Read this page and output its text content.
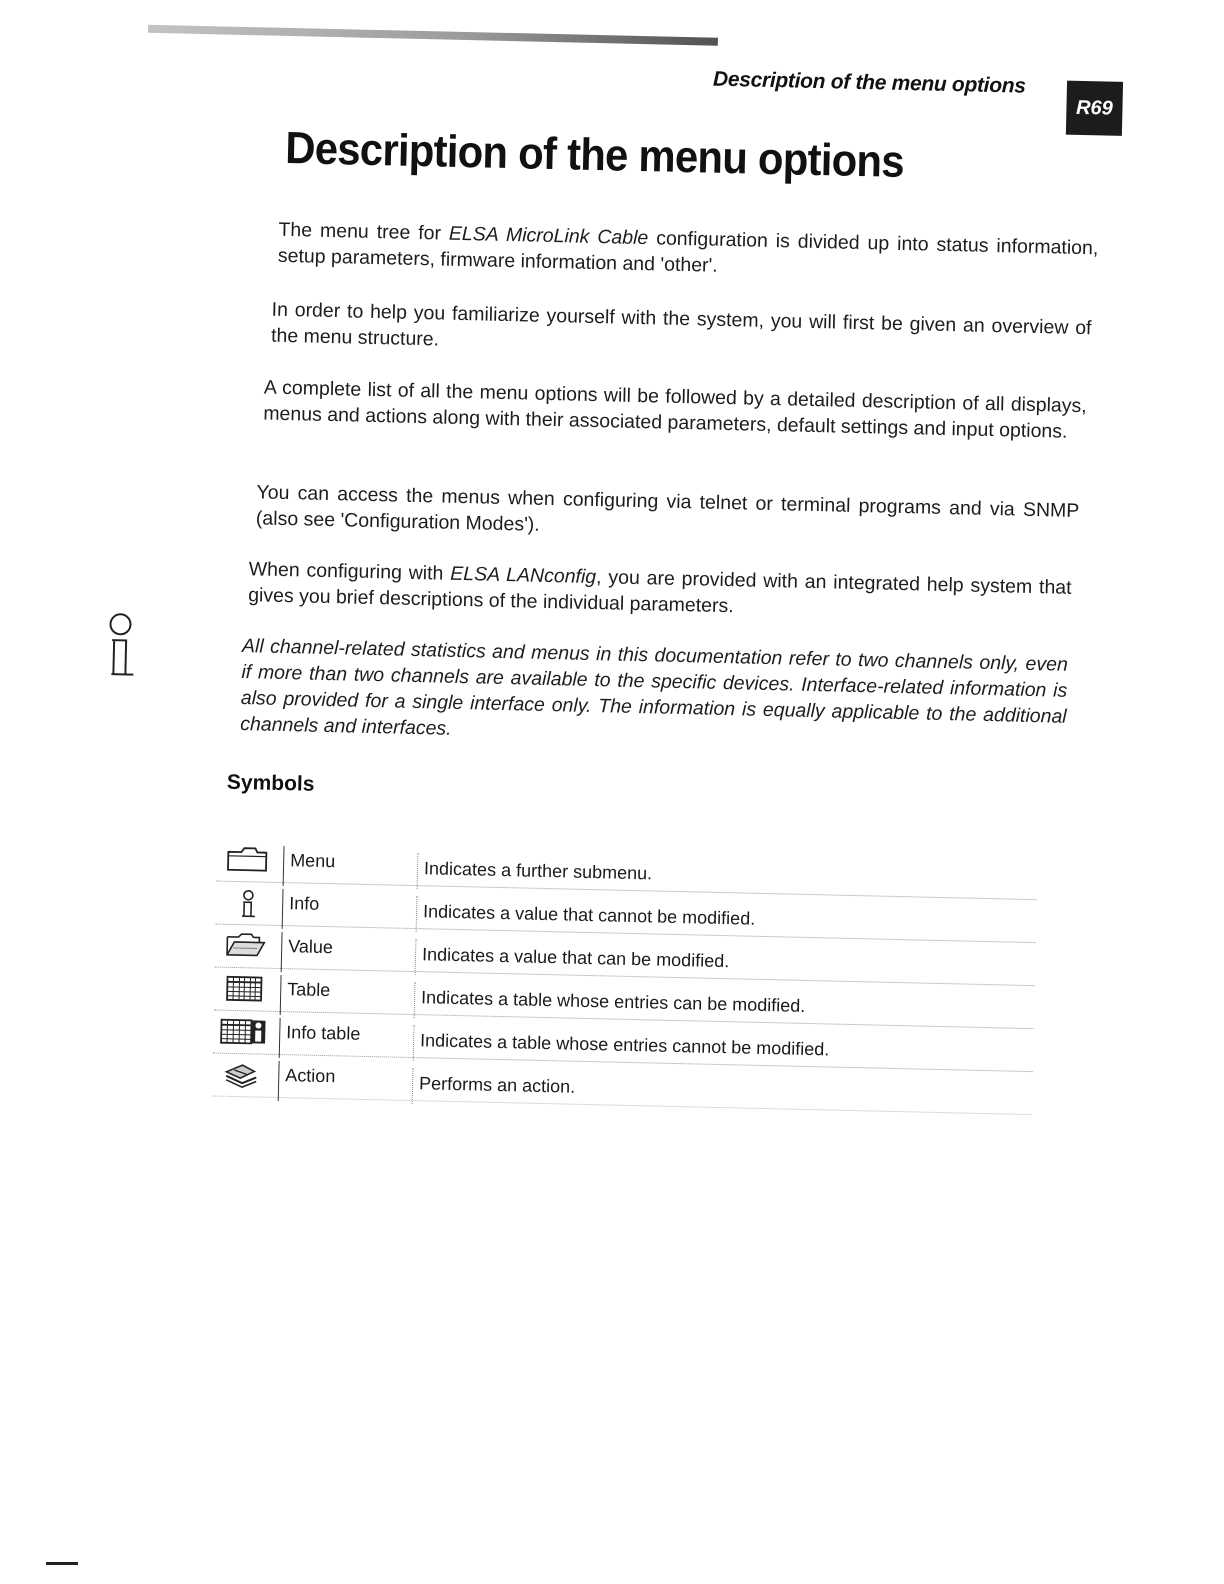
Description of the menu options
R69
Description of the menu options

The menu tree for ELSA MicroLink Cable configuration is divided up into status information, setup parameters, firmware information and 'other'.

In order to help you familiarize yourself with the system, you will first be given an overview of the menu structure.

A complete list of all the menu options will be followed by a detailed description of all displays, menus and actions along with their associated parameters, default settings and input options.

You can access the menus when configuring via telnet or terminal programs and via SNMP (also see 'Configuration Modes').

When configuring with ELSA LANconfig, you are provided with an integrated help system that gives you brief descriptions of the individual parameters.

All channel-related statistics and menus in this documentation refer to two channels only, even if more than two channels are available to the specific devices. Interface-related information is also provided for a single interface only. The information is equally applicable to the additional channels and interfaces.

Symbols
Menu	Indicates a further submenu.
Info	Indicates a value that cannot be modified.
Value	Indicates a value that can be modified.
Table	Indicates a table whose entries can be modified.
Info table	Indicates a table whose entries cannot be modified.
Action	Performs an action.
